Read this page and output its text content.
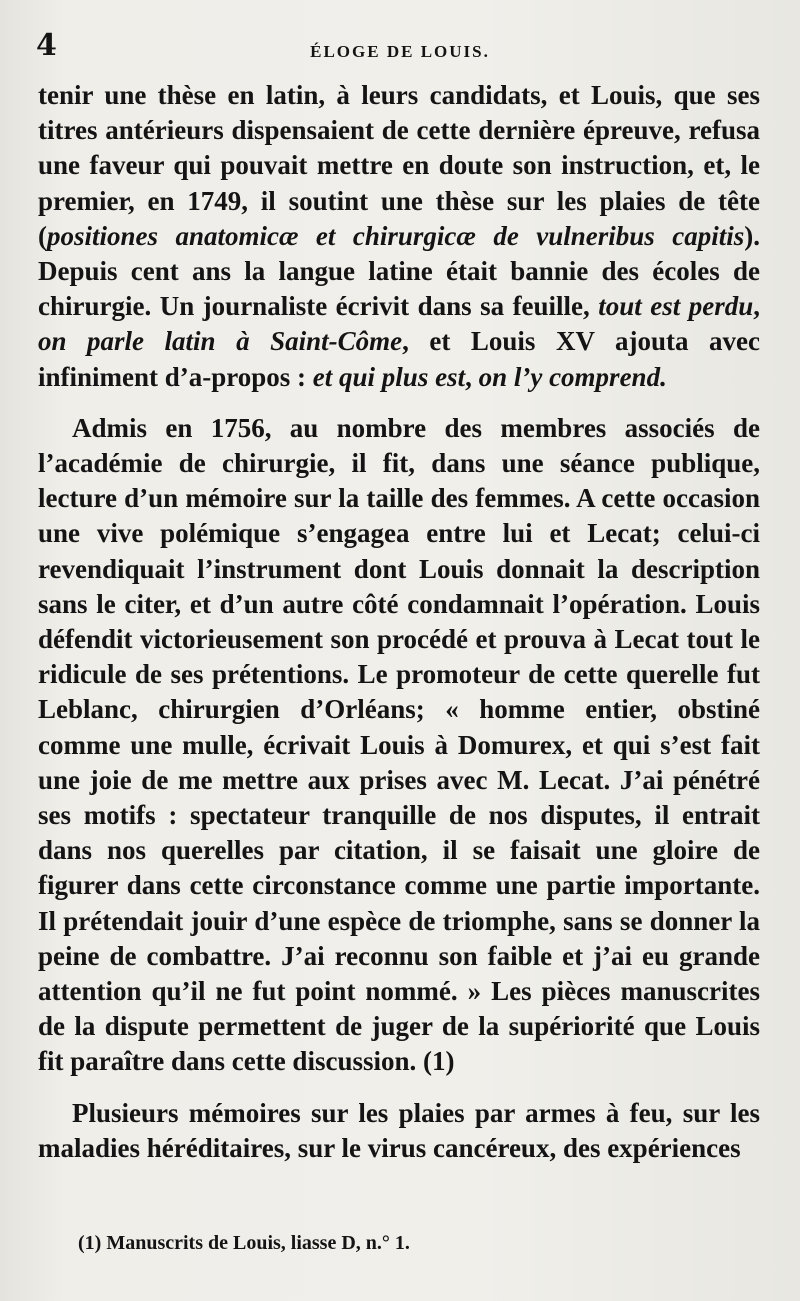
4	ÉLOGE DE LOUIS.

tenir une thèse en latin, à leurs candidats, et Louis, que ses titres antérieurs dispensaient de cette dernière épreuve, refusa une faveur qui pouvait mettre en doute son instruction, et, le premier, en 1749, il soutint une thèse sur les plaies de tête (positiones anatomicæ et chirurgicæ de vulneribus capitis). Depuis cent ans la langue latine était bannie des écoles de chirurgie. Un journaliste écrivit dans sa feuille, tout est perdu, on parle latin à Saint-Côme, et Louis XV ajouta avec infiniment d’a-propos : et qui plus est, on l’y comprend.

Admis en 1756, au nombre des membres associés de l’académie de chirurgie, il fit, dans une séance publique, lecture d’un mémoire sur la taille des femmes. A cette occasion une vive polémique s’engagea entre lui et Lecat; celui-ci revendiquait l’instrument dont Louis donnait la description sans le citer, et d’un autre côté condamnait l’opération. Louis défendit victorieusement son procédé et prouva à Lecat tout le ridicule de ses prétentions. Le promoteur de cette querelle fut Leblanc, chirurgien d’Orléans; « homme entier, obstiné comme une mulle, écrivait Louis à Domurex, et qui s’est fait une joie de me mettre aux prises avec M. Lecat. J’ai pénétré ses motifs : spectateur tranquille de nos disputes, il entrait dans nos querelles par citation, il se faisait une gloire de figurer dans cette circonstance comme une partie importante. Il prétendait jouir d’une espèce de triomphe, sans se donner la peine de combattre. J’ai reconnu son faible et j’ai eu grande attention qu’il ne fut point nommé. » Les pièces manuscrites de la dispute permettent de juger de la supériorité que Louis fit paraître dans cette discussion. (1)

Plusieurs mémoires sur les plaies par armes à feu, sur les maladies héréditaires, sur le virus cancéreux, des expériences

(1) Manuscrits de Louis, liasse D, n.° 1.
